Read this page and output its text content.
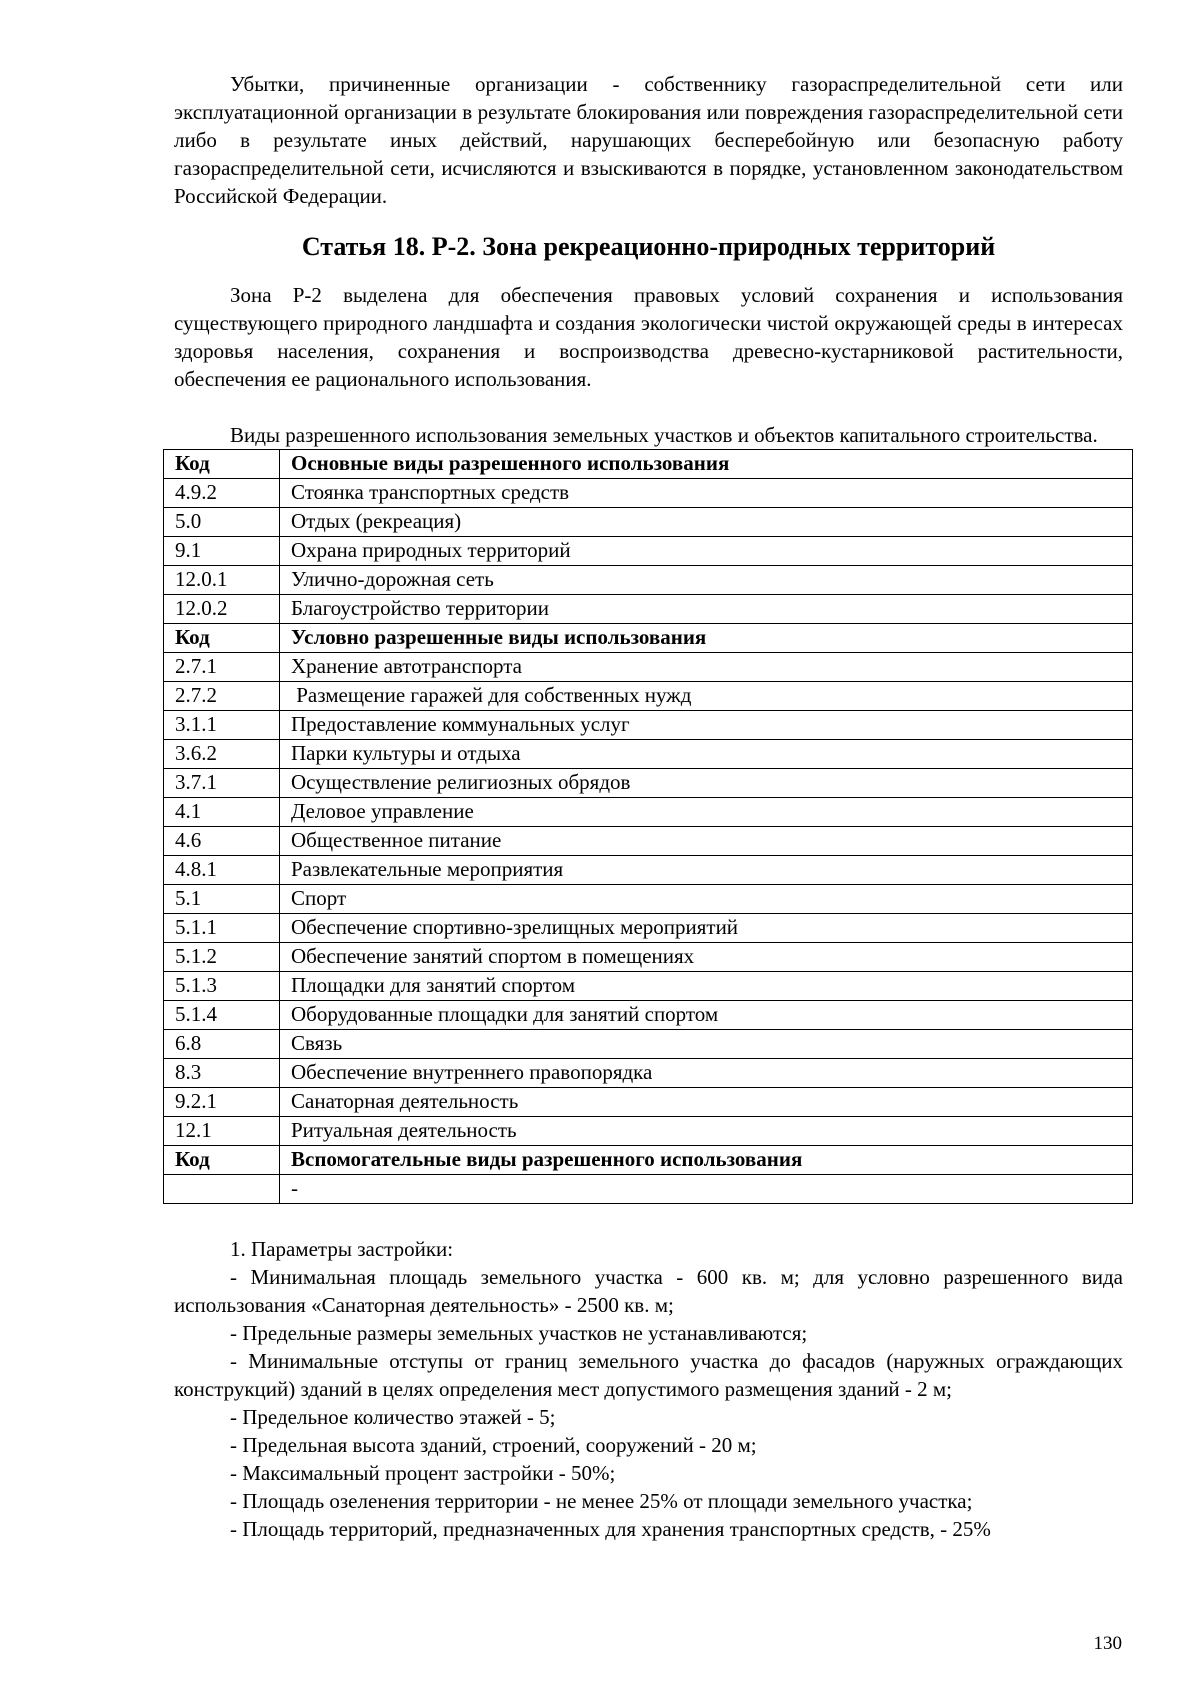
Убытки, причиненные организации - собственнику газораспределительной сети или эксплуатационной организации в результате блокирования или повреждения газораспределительной сети либо в результате иных действий, нарушающих бесперебойную или безопасную работу газораспределительной сети, исчисляются и взыскиваются в порядке, установленном законодательством Российской Федерации.

Статья 18. Р-2. Зона рекреационно-природных территорий

Зона Р-2 выделена для обеспечения правовых условий сохранения и использования существующего природного ландшафта и создания экологически чистой окружающей среды в интересах здоровья населения, сохранения и воспроизводства древесно-кустарниковой растительности, обеспечения ее рационального использования.

Виды разрешенного использования земельных участков и объектов капитального строительства.

Код	Основные виды разрешенного использования
4.9.2	Стоянка транспортных средств
5.0	Отдых (рекреация)
9.1	Охрана природных территорий
12.0.1	Улично-дорожная сеть
12.0.2	Благоустройство территории
Код	Условно разрешенные виды использования
2.7.1	Хранение автотранспорта
2.7.2	Размещение гаражей для собственных нужд
3.1.1	Предоставление коммунальных услуг
3.6.2	Парки культуры и отдыха
3.7.1	Осуществление религиозных обрядов
4.1	Деловое управление
4.6	Общественное питание
4.8.1	Развлекательные мероприятия
5.1	Спорт
5.1.1	Обеспечение спортивно-зрелищных мероприятий
5.1.2	Обеспечение занятий спортом в помещениях
5.1.3	Площадки для занятий спортом
5.1.4	Оборудованные площадки для занятий спортом
6.8	Связь
8.3	Обеспечение внутреннего правопорядка
9.2.1	Санаторная деятельность
12.1	Ритуальная деятельность
Код	Вспомогательные виды разрешенного использования
	-

1. Параметры застройки:

- Минимальная площадь земельного участка - 600 кв. м; для условно разрешенного вида использования «Санаторная деятельность» - 2500 кв. м;

- Предельные размеры земельных участков не устанавливаются;

- Минимальные отступы от границ земельного участка до фасадов (наружных ограждающих конструкций) зданий в целях определения мест допустимого размещения зданий - 2 м;

- Предельное количество этажей - 5;

- Предельная высота зданий, строений, сооружений - 20 м;

- Максимальный процент застройки - 50%;

- Площадь озеленения территории - не менее 25% от площади земельного участка;

- Площадь территорий, предназначенных для хранения транспортных средств, - 25%

130
